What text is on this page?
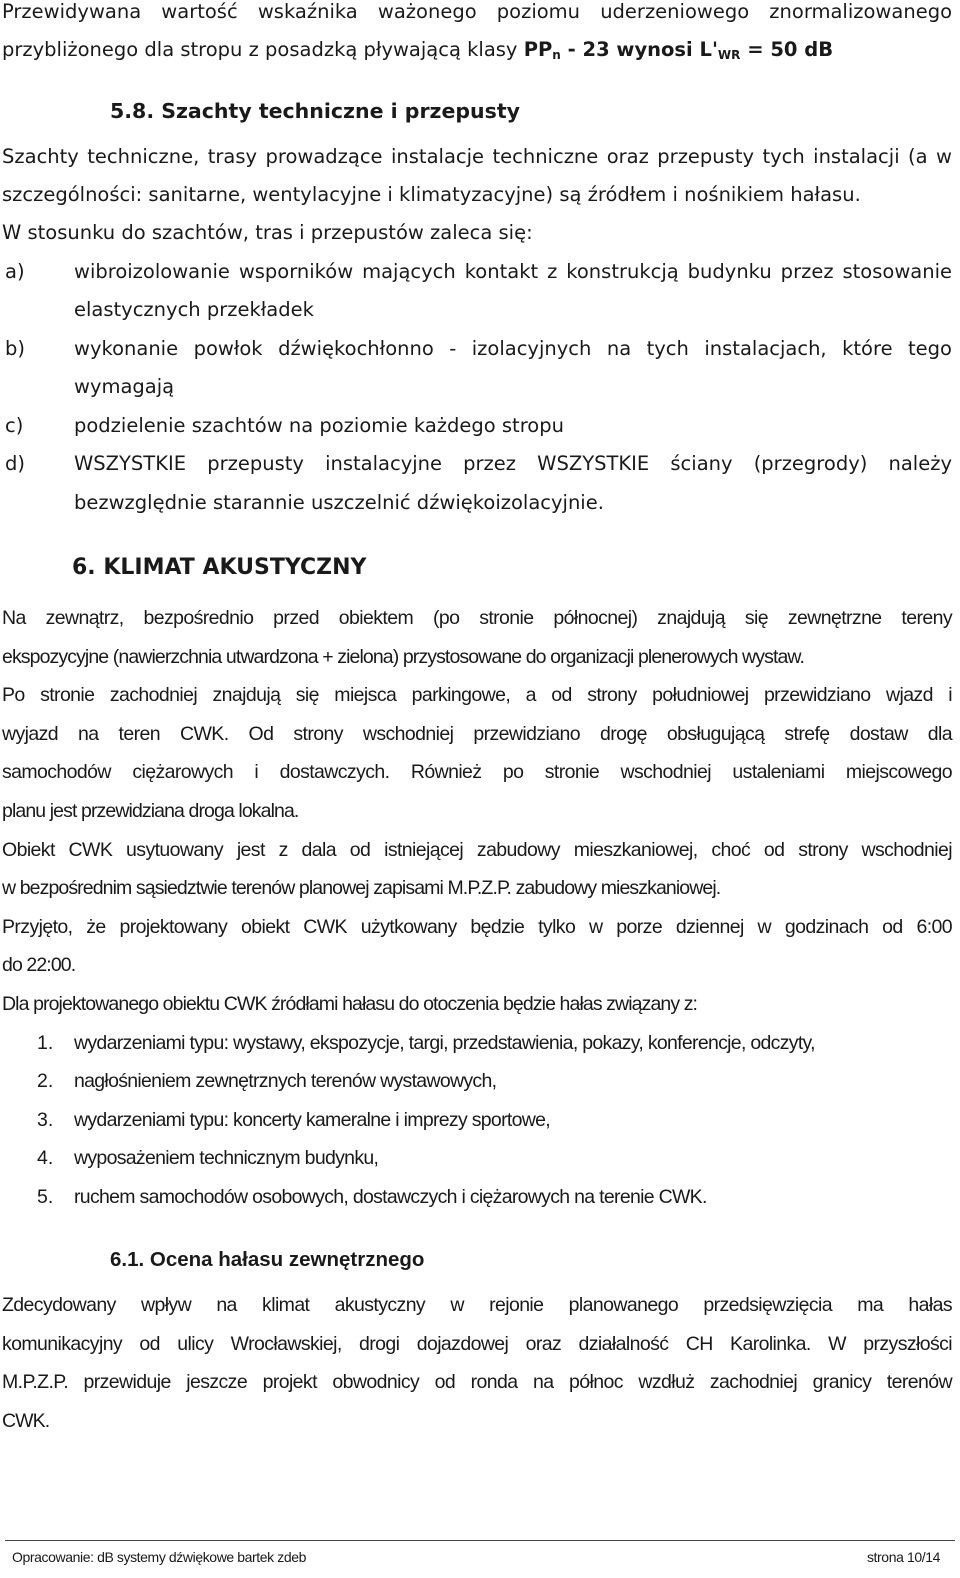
Przewidywana wartość wskaźnika ważonego poziomu uderzeniowego znormalizowanego
przybliżonego dla stropu z posadzką pływającą klasy $PP_n - 23$ wynosi $L'_{WR} = 50$ dB
5.8. Szachty techniczne i przepusty
Szachty techniczne, trasy prowadzące instalacje techniczne oraz przepusty tych instalacji (a w
szczególności: sanitarne, wentylacyjne i klimatyzacyjne) są źródłem i nośnikiem hałasu.
W stosunku do szachtów, tras i przepustów zaleca się:
a)	wibroizolowanie wsporników mających kontakt z konstrukcją budynku przez stosowanie
elastycznych przekładek
b)	wykonanie powłok dźwiękochłonno - izolacyjnych na tych instalacjach, które tego
wymagają
c)	podzielenie szachtów na poziomie każdego stropu
d)	WSZYSTKIE przepusty instalacyjne przez WSZYSTKIE ściany (przegrody) należy
bezwzględnie starannie uszczelnić dźwiękoizolacyjnie.
6. KLIMAT AKUSTYCZNY
Na zewnątrz, bezpośrednio przed obiektem (po stronie północnej) znajdują się zewnętrzne tereny
ekspozycyjne (nawierzchnia utwardzona + zielona) przystosowane do organizacji plenerowych wystaw.
Po stronie zachodniej znajdują się miejsca parkingowe, a od strony południowej przewidziano wjazd i
wyjazd na teren CWK. Od strony wschodniej przewidziano drogę obsługującą strefę dostaw dla
samochodów ciężarowych i dostawczych. Również po stronie wschodniej ustaleniami miejscowego
planu jest przewidziana droga lokalna.
Obiekt CWK usytuowany jest z dala od istniejącej zabudowy mieszkaniowej, choć od strony wschodniej
w bezpośrednim sąsiedztwie terenów planowej zapisami M.P.Z.P. zabudowy mieszkaniowej.
Przyjęto, że projektowany obiekt CWK użytkowany będzie tylko w porze dziennej w godzinach od 6:00
do 22:00.
Dla projektowanego obiektu CWK źródłami hałasu do otoczenia będzie hałas związany z:
1. wydarzeniami typu: wystawy, ekspozycje, targi, przedstawienia, pokazy, konferencje, odczyty,
2. nagłośnieniem zewnętrznych terenów wystawowych,
3. wydarzeniami typu: koncerty kameralne i imprezy sportowe,
4. wyposażeniem technicznym budynku,
5. ruchem samochodów osobowych, dostawczych i ciężarowych na terenie CWK.
6.1. Ocena hałasu zewnętrznego
Zdecydowany wpływ na klimat akustyczny w rejonie planowanego przedsięwzięcia ma hałas
komunikacyjny od ulicy Wrocławskiej, drogi dojazdowej oraz działalność CH Karolinka. W przyszłości
M.P.Z.P. przewiduje jeszcze projekt obwodnicy od ronda na północ wzdłuż zachodniej granicy terenów
CWK.
Opracowanie: dB systemy dźwiękowe bartek zdeb	strona 10/14
